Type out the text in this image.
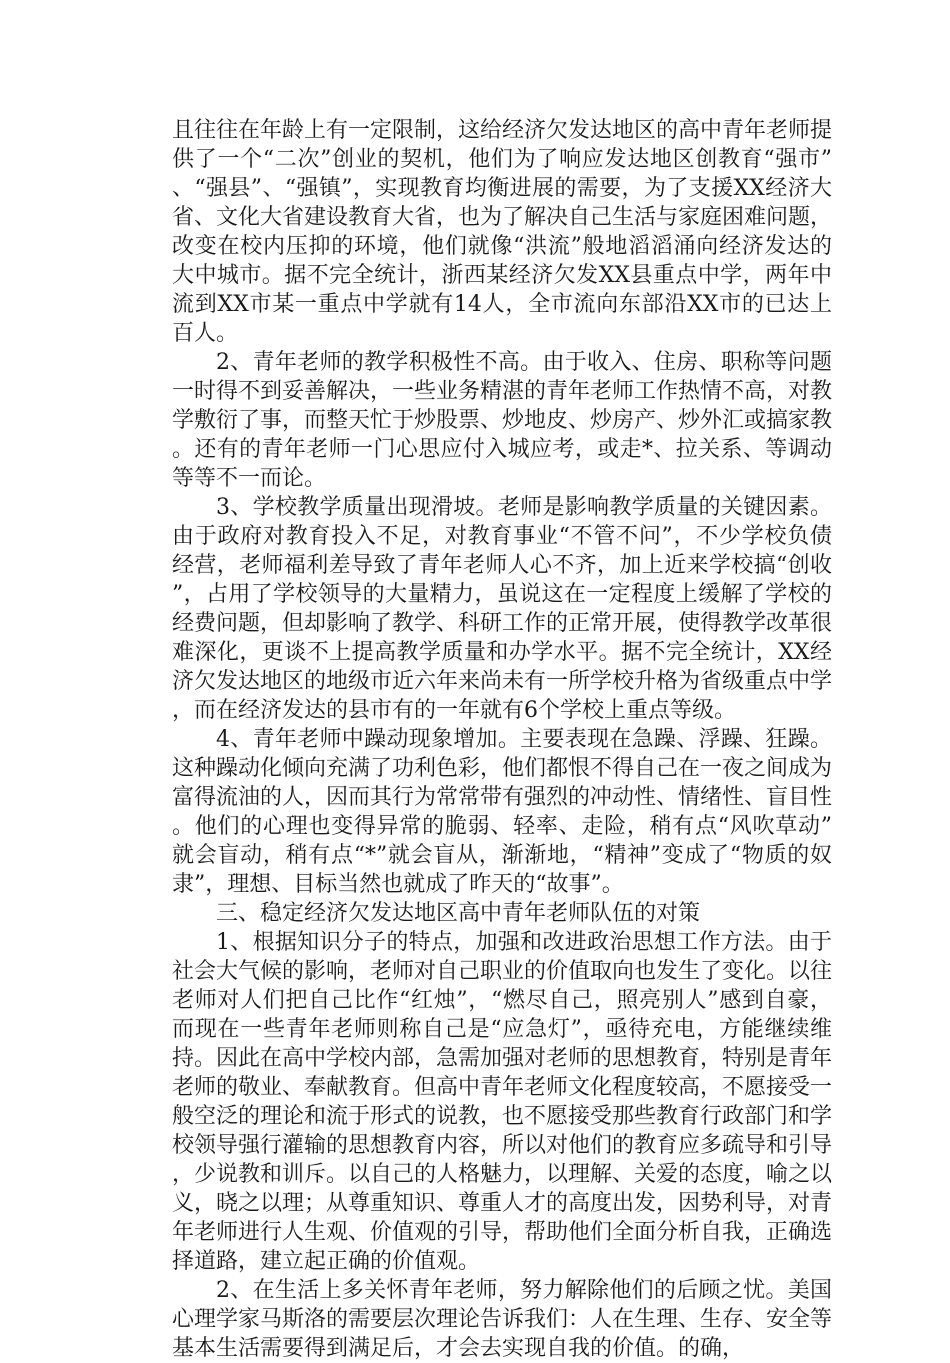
且往往在年龄上有一定限制，这给经济欠发达地区的高中青年老师提供了一个“二次”创业的契机，他们为了响应发达地区创教育“强市”、“强县”、“强镇”，实现教育均衡进展的需要，为了支援XX经济大省、文化大省建设教育大省，也为了解决自己生活与家庭困难问题，改变在校内压抑的环境，他们就像“洪流”般地滔滔涌向经济发达的大中城市。据不完全统计，浙西某经济欠发XX县重点中学，两年中流到XX市某一重点中学就有14人，全市流向东部沿XX市的已达上百人。

2、青年老师的教学积极性不高。由于收入、住房、职称等问题一时得不到妥善解决，一些业务精湛的青年老师工作热情不高，对教学敷衍了事，而整天忙于炒股票、炒地皮、炒房产、炒外汇或搞家教。还有的青年老师一门心思应付入城应考，或走*、拉关系、等调动等等不一而论。

3、学校教学质量出现滑坡。老师是影响教学质量的关键因素。由于政府对教育投入不足，对教育事业“不管不问”，不少学校负债经营，老师福利差导致了青年老师人心不齐，加上近来学校搞“创收”，占用了学校领导的大量精力，虽说这在一定程度上缓解了学校的经费问题，但却影响了教学、科研工作的正常开展，使得教学改革很难深化，更谈不上提高教学质量和办学水平。据不完全统计，XX经济欠发达地区的地级市近六年来尚未有一所学校升格为省级重点中学，而在经济发达的县市有的一年就有6个学校上重点等级。

4、青年老师中躁动现象增加。主要表现在急躁、浮躁、狂躁。这种躁动化倾向充满了功利色彩，他们都恨不得自己在一夜之间成为富得流油的人，因而其行为常常带有强烈的冲动性、情绪性、盲目性。他们的心理也变得异常的脆弱、轻率、走险，稍有点“风吹草动”就会盲动，稍有点“*”就会盲从，渐渐地，“精神”变成了“物质的奴隶”，理想、目标当然也就成了昨天的“故事”。

三、稳定经济欠发达地区高中青年老师队伍的对策

1、根据知识分子的特点，加强和改进政治思想工作方法。由于社会大气候的影响，老师对自己职业的价值取向也发生了变化。以往老师对人们把自己比作“红烛”，“燃尽自己，照亮别人”感到自豪，而现在一些青年老师则称自己是“应急灯”，亟待充电，方能继续维持。因此在高中学校内部，急需加强对老师的思想教育，特别是青年老师的敬业、奉献教育。但高中青年老师文化程度较高，不愿接受一般空泛的理论和流于形式的说教，也不愿接受那些教育行政部门和学校领导强行灌输的思想教育内容，所以对他们的教育应多疏导和引导，少说教和训斥。以自己的人格魅力，以理解、关爱的态度，喻之以义，晓之以理；从尊重知识、尊重人才的高度出发，因势利导，对青年老师进行人生观、价值观的引导，帮助他们全面分析自我，正确选择道路，建立起正确的价值观。

2、在生活上多关怀青年老师，努力解除他们的后顾之忧。美国心理学家马斯洛的需要层次理论告诉我们：人在生理、生存、安全等基本生活需要得到满足后，才会去实现自我的价值。的确，
